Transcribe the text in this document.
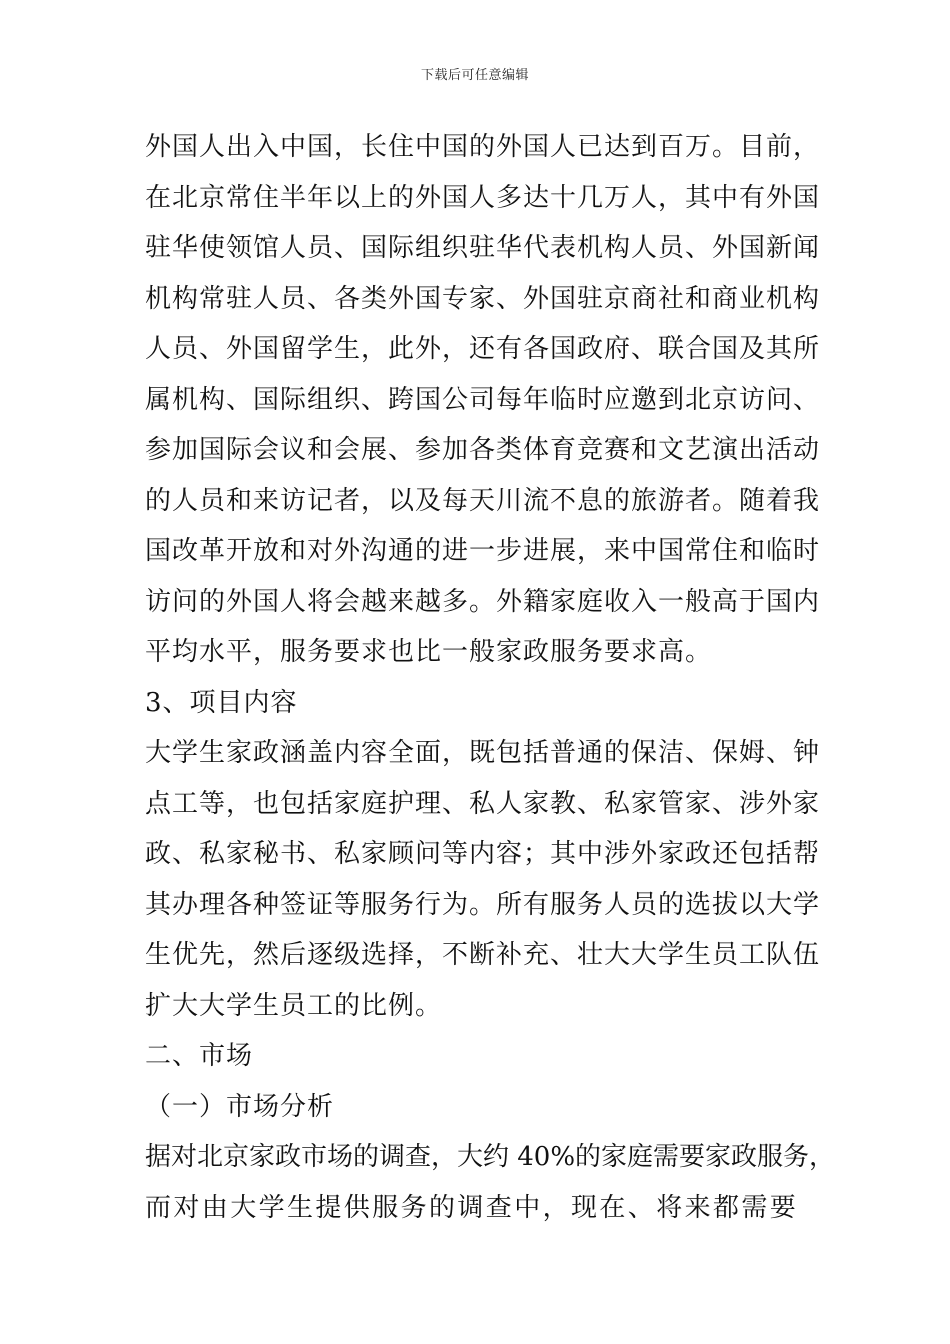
下载后可任意编辑
外国人出入中国，长住中国的外国人已达到百万。目前，
在北京常住半年以上的外国人多达十几万人，其中有外国
驻华使领馆人员、国际组织驻华代表机构人员、外国新闻
机构常驻人员、各类外国专家、外国驻京商社和商业机构
人员、外国留学生，此外，还有各国政府、联合国及其所
属机构、国际组织、跨国公司每年临时应邀到北京访问、
参加国际会议和会展、参加各类体育竞赛和文艺演出活动
的人员和来访记者，以及每天川流不息的旅游者。随着我
国改革开放和对外沟通的进一步进展，来中国常住和临时
访问的外国人将会越来越多。外籍家庭收入一般高于国内
平均水平，服务要求也比一般家政服务要求高。
3、项目内容
大学生家政涵盖内容全面，既包括普通的保洁、保姆、钟
点工等，也包括家庭护理、私人家教、私家管家、涉外家
政、私家秘书、私家顾问等内容；其中涉外家政还包括帮
其办理各种签证等服务行为。所有服务人员的选拔以大学
生优先，然后逐级选择，不断补充、壮大大学生员工队伍
扩大大学生员工的比例。
二、市场
（一）市场分析
据对北京家政市场的调查，大约 40%的家庭需要家政服务，
而对由大学生提供服务的调查中，现在、将来都需要
